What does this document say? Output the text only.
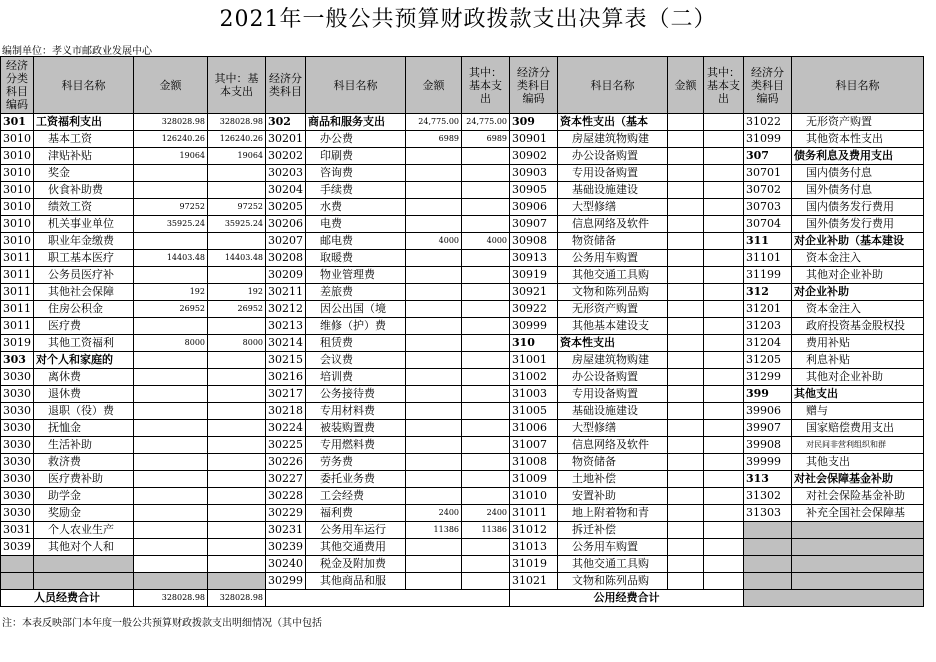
2021年一般公共预算财政拨款支出决算表（二）
编制单位：孝义市邮政业发展中心
经济分类科目编码	科目名称	金额	其中：基本支出	经济分类科目	科目名称	金额	其中：基本支出	经济分类科目编码	科目名称	金额	其中：基本支出	经济分类科目编码	科目名称
301	工资福利支出	328028.98	328028.98	302	商品和服务支出	24,775.00	24,775.00	309	资本性支出（基本			31022	无形资产购置
3010	基本工资	126240.26	126240.26	30201	办公费	6989	6989	30901	房屋建筑物购建			31099	其他资本性支出
3010	津贴补贴	19064	19064	30202	印刷费			30902	办公设备购置			307	债务利息及费用支出
3010	奖金			30203	咨询费			30903	专用设备购置			30701	国内债务付息
3010	伙食补助费			30204	手续费			30905	基础设施建设			30702	国外债务付息
3010	绩效工资	97252	97252	30205	水费			30906	大型修缮			30703	国内债务发行费用
3010	机关事业单位	35925.24	35925.24	30206	电费			30907	信息网络及软件			30704	国外债务发行费用
3010	职业年金缴费			30207	邮电费	4000	4000	30908	物资储备			311	对企业补助（基本建设
3011	职工基本医疗	14403.48	14403.48	30208	取暖费			30913	公务用车购置			31101	资本金注入
3011	公务员医疗补			30209	物业管理费			30919	其他交通工具购			31199	其他对企业补助
3011	其他社会保障	192	192	30211	差旅费			30921	文物和陈列品购			312	对企业补助
3011	住房公积金	26952	26952	30212	因公出国（境			30922	无形资产购置			31201	资本金注入
3011	医疗费			30213	维修（护）费			30999	其他基本建设支			31203	政府投资基金股权投
3019	其他工资福利	8000	8000	30214	租赁费			310	资本性支出			31204	费用补贴
303	对个人和家庭的			30215	会议费			31001	房屋建筑物购建			31205	利息补贴
3030	离休费			30216	培训费			31002	办公设备购置			31299	其他对企业补助
3030	退休费			30217	公务接待费			31003	专用设备购置			399	其他支出
3030	退职（役）费			30218	专用材料费			31005	基础设施建设			39906	赠与
3030	抚恤金			30224	被装购置费			31006	大型修缮			39907	国家赔偿费用支出
3030	生活补助			30225	专用燃料费			31007	信息网络及软件			39908	对民间非营利组织和群
3030	救济费			30226	劳务费			31008	物资储备			39999	其他支出
3030	医疗费补助			30227	委托业务费			31009	土地补偿			313	对社会保障基金补助
3030	助学金			30228	工会经费			31010	安置补助			31302	对社会保险基金补助
3030	奖励金			30229	福利费	2400	2400	31011	地上附着物和青			31303	补充全国社会保障基
3031	个人农业生产			30231	公务用车运行	11386	11386	31012	拆迁补偿				
3039	其他对个人和			30239	其他交通费用			31013	公务用车购置				
				30240	税金及附加费			31019	其他交通工具购				
				30299	其他商品和服			31021	文物和陈列品购				
人员经费合计		328028.98	328028.98					公用经费合计					
注：本表反映部门本年度一般公共预算财政拨款支出明细情况（其中包括
